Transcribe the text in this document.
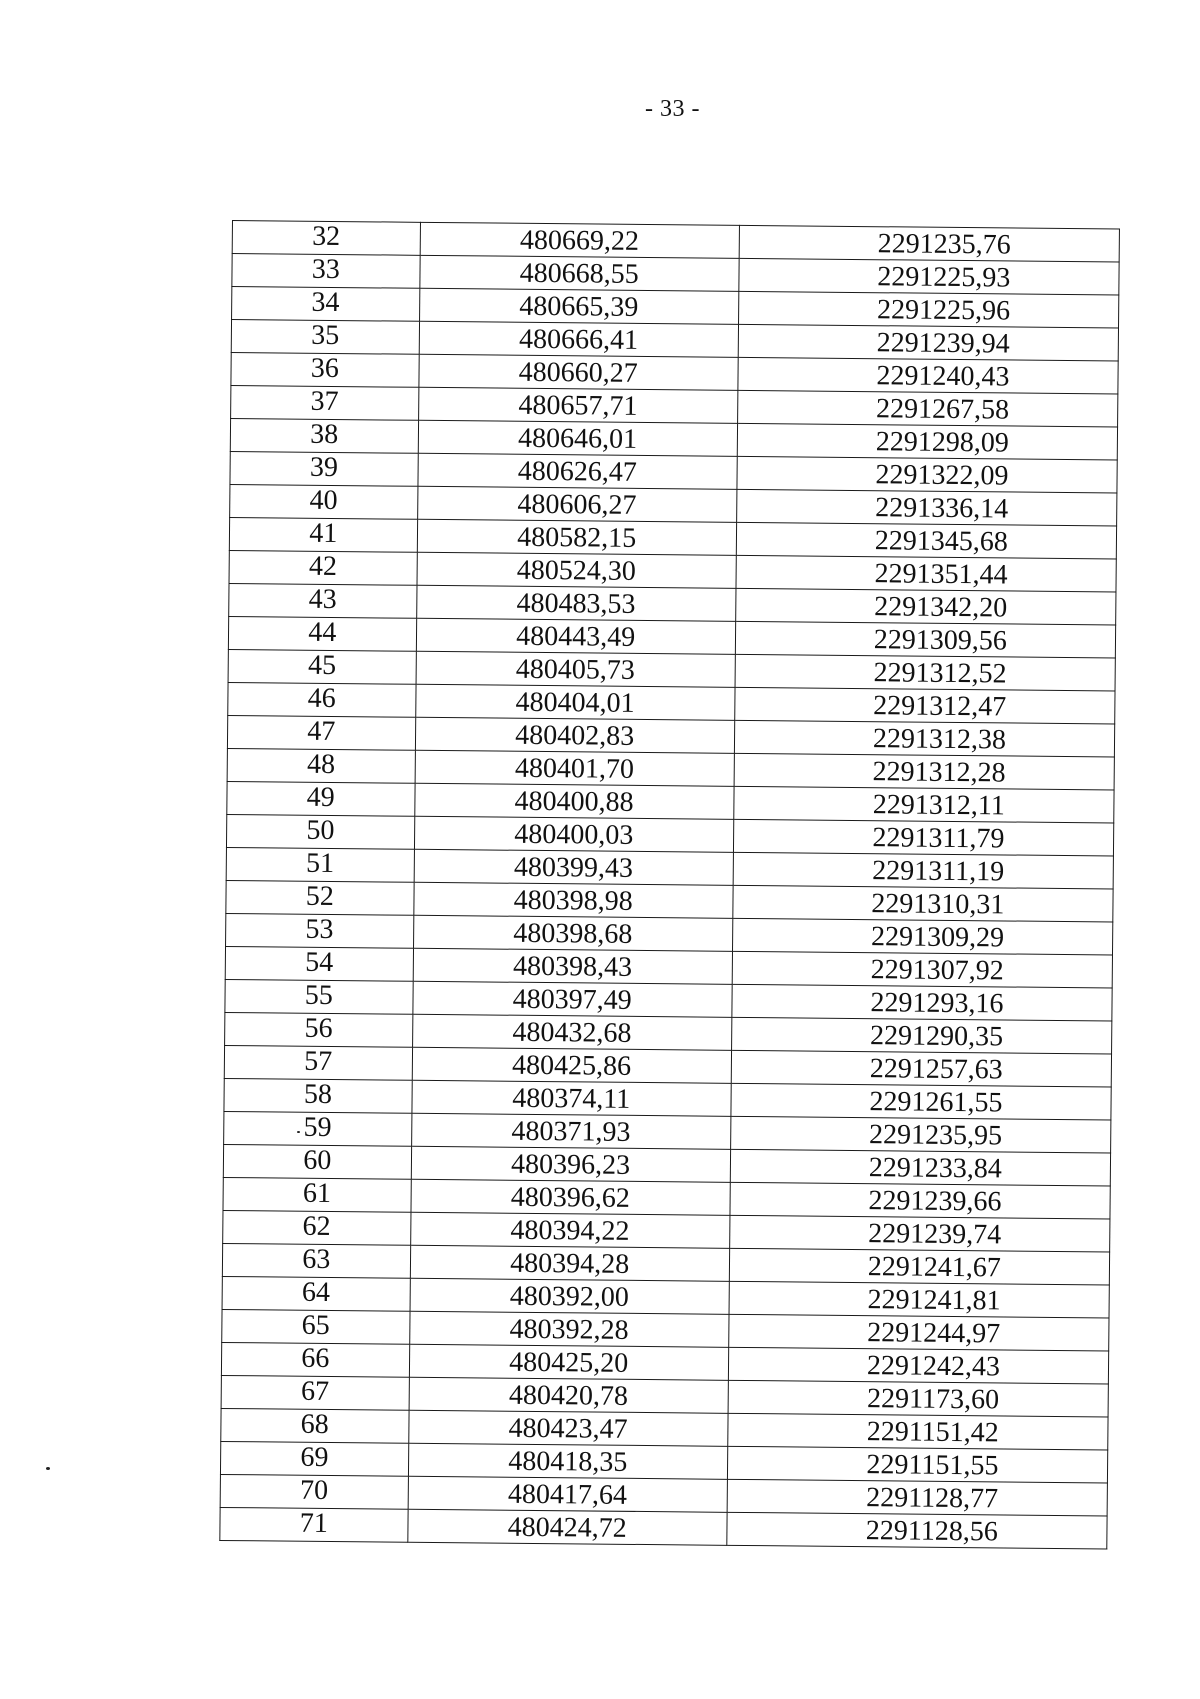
- 33 -
32	480669,22	2291235,76
33	480668,55	2291225,93
34	480665,39	2291225,96
35	480666,41	2291239,94
36	480660,27	2291240,43
37	480657,71	2291267,58
38	480646,01	2291298,09
39	480626,47	2291322,09
40	480606,27	2291336,14
41	480582,15	2291345,68
42	480524,30	2291351,44
43	480483,53	2291342,20
44	480443,49	2291309,56
45	480405,73	2291312,52
46	480404,01	2291312,47
47	480402,83	2291312,38
48	480401,70	2291312,28
49	480400,88	2291312,11
50	480400,03	2291311,79
51	480399,43	2291311,19
52	480398,98	2291310,31
53	480398,68	2291309,29
54	480398,43	2291307,92
55	480397,49	2291293,16
56	480432,68	2291290,35
57	480425,86	2291257,63
58	480374,11	2291261,55
59	480371,93	2291235,95
60	480396,23	2291233,84
61	480396,62	2291239,66
62	480394,22	2291239,74
63	480394,28	2291241,67
64	480392,00	2291241,81
65	480392,28	2291244,97
66	480425,20	2291242,43
67	480420,78	2291173,60
68	480423,47	2291151,42
69	480418,35	2291151,55
70	480417,64	2291128,77
71	480424,72	2291128,56
